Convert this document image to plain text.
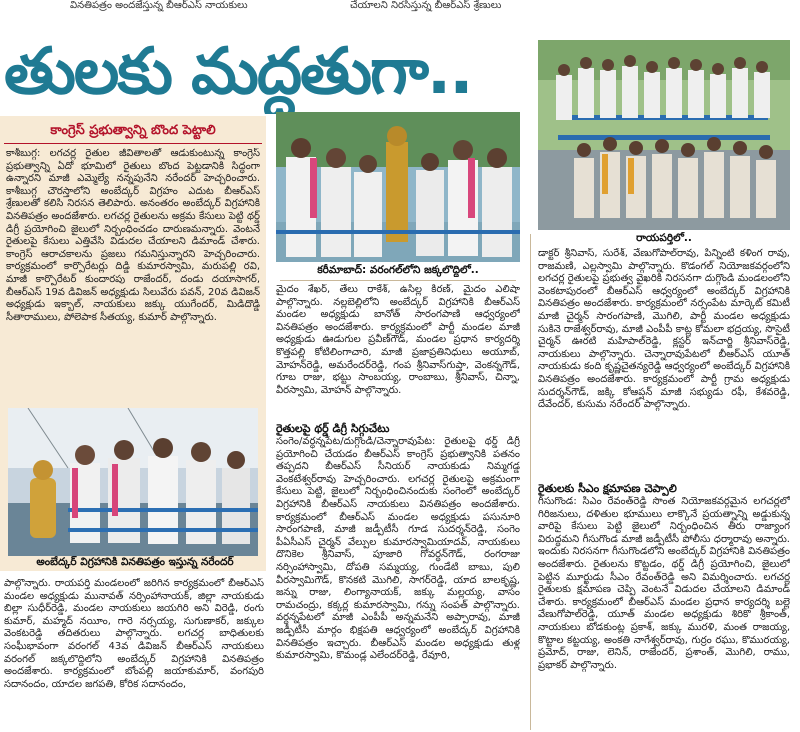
వినతిపత్రం అందజేస్తున్న బీఆర్ఎస్ నాయకులు	చేయాలని నిరసిస్తున్న బీఆర్ఎస్ శ్రేణులు
తులకు మద్దతుగా..
కాంగ్రెస్ ప్రభుత్వాన్ని బొంద పెట్టాలి
కాశీబుగ్గ: లగచర్ల రైతుల జీవితాలతో ఆడుకుంటున్న కాంగ్రెస్ ప్రభుత్వాన్ని ఏదో భూమిలో రైతులు బొంద పెట్టడానికి సిద్ధంగా ఉన్నారని మాజీ ఎమ్మెల్యే నన్నపునేని నరేందర్ హెచ్చరించారు. కాశీబుగ్గ చౌరస్తాలోని అంబేద్కర్ విగ్రహం ఎదుట బీఆర్ఎస్ శ్రేణులతో కలిసి నిరసన తెలిపారు. అనంతరం అంబేద్కర్ విగ్రహానికి వినతిపత్రం అందజేశారు. లగచర్ల రైతులను అక్రమ కేసులు పెట్టి థర్డ్ డిగ్రీ ప్రయోగించి జైలులో నిర్బంధించడం దారుణమన్నారు. వెంటనే రైతులపై కేసులు ఎత్తివేసి విడుదల చేయాలని డిమాండ్ చేశారు. కాంగ్రెస్ ఆరాచకాలను ప్రజలు గమనిస్తున్నారని హెచ్చరించారు. కార్యక్రమంలో కార్పొరేటర్లు దిడ్డి కుమారస్వామి, మరుపల్లి రవి, మాజీ కార్పొరేటర్ కుందారపు రాజేందర్, దండు దయాసాగర్, బీఆర్ఎస్ 19వ డివిజన్ అధ్యక్షుడు సిలువేరు పవన్, 20వ డివిజన్ అధ్యక్షుడు ఇక్బాల్, నాయకులు జక్కు యుగేందర్, మిడిదొడ్డి సీతారాములు, పోలెపాక సీతయ్య, కుమార్ పాల్గొన్నారు.
అంబేద్కర్ విగ్రహానికి వినతిపత్రం ఇస్తున్న నరేందర్
పాల్గొన్నారు. రాయపర్తి మండలంలో జరిగిన కార్యక్రమంలో బీఆర్ఎస్ మండల అధ్యక్షుడు మునావత్ నర్సింహానాయక్, జిల్లా నాయకుడు బిల్లా సుధీర్‌రెడ్డి, మండల నాయకులు జయగిరి అని విరెడ్డి, రంగు కుమార్, మహ్మద్ నయీం, గారె నర్సయ్య, సుగుణాకర్, జక్కుల వెంకటరెడ్డి తదితరులు పాల్గొన్నారు. లగచర్ల బాధితులకు సంఘీభావంగా వరంగల్ 43వ డివిజన్ బీఆర్ఎస్ నాయకులు వరంగల్ జక్కలొద్దిలోని అంబేద్కర్ విగ్రహానికి వినతిపత్రం అందజేశారు. కార్యక్రమంలో బోంపల్లి జయాకుమార్, వంగపురి సదానందం, యాదల జగపతి, కోరిక సదానందం,
కరీమాబాద్: వరంగల్‌లోని జక్కలొద్దిలో..
మైదం శేఖర్, తేలు రాకేశ్, ఉసిల్ల కిరణ్, మైదం ఎలిషా పాల్గొన్నారు. నల్లబెల్లిలోని అంబేద్కర్ విగ్రహానికి బీఆర్ఎస్ మండల అధ్యక్షుడు బానోత్ సారంగపాణి ఆధ్వర్యంలో వినతిపత్రం అందజేశారు. కార్యక్రమంలో పార్టీ మండల మాజీ అధ్యక్షుడు ఊడుగుల ప్రవీణ్‌గౌడ్, మండల ప్రధాన కార్యదర్శి కొత్తపల్లి కోటిలింగాచారి, మాజీ ప్రజాప్రతినిధులు అయూబ్, మోహన్‌రెడ్డి, అమరేందర్‌రెడ్డి, గంప శ్రీనివాస్‌గుప్తా, వెంకన్నగౌడ్, గూబ రాజు, భట్టు సాంబయ్య, రాంబాబు, శ్రీనివాస్, చిన్నా, వీరస్వామి, మోహన్ పాల్గొన్నారు.
రైతులపై థర్డ్ డిగ్రీ సిగ్గుచేటు
సంగెం/వర్ధన్నపేట/దుగ్గొండి/చెన్నారావుపేట: రైతులపై థర్డ్ డిగ్రీ ప్రయోగించి చేయడం బీఆర్ఎస్ కాంగ్రెస్ ప్రభుత్వానికి పతనం తప్పదని బీఆర్ఎస్ సీనియర్ నాయకుడు నిమ్మగడ్డ వెంకటేశ్వర్‌రావు హెచ్చరించారు. లగచర్ల రైతులపై అక్రమంగా కేసులు పెట్టి, జైలులో నిర్బంధించినందుకు సంగెంలో అంబేద్కర్ విగ్రహానికి బీఆర్ఎస్ నాయకులు వినతిపత్రం అందజేశారు. కార్యక్రమంలో బీఆర్ఎస్ మండల అధ్యక్షుడు పసునూరి సారంగపాణి, మాజీ జడ్పీటీసీ గూడ సుదర్శన్‌రెడ్డి, సంగెం పీఏసీఎస్ చైర్మన్ వేల్పుల కుమారస్వామియాదవ్, నాయకులు దొనికెల శ్రీనివాస్, పూజారి గోవర్ధన్‌గౌడ్, రంగరాజు నర్సింహాస్వామి, దోపతి సమ్మయ్య, గుండేటి బాబు, పులి వీరస్వామిగౌడ్, కొనకటి మొగిలి, సాగర్‌రెడ్డి, యాద బాలకృష్ణ, జన్ను రాజు, లింగ్యానాయక్, జక్కు మల్లయ్య, వాసం రామచంద్రు, కక్కర్ల కుమారస్వామి, గన్ను సంపత్ పాల్గొన్నారు. వర్ధన్నపేటలో మాజీ ఎంపీపీ అన్నమనేని అప్పారావు, మాజీ జడ్పీటీసీ మార్గం భిక్షపతి ఆధ్వర్యంలో అంబేద్కర్ విగ్రహానికి వినతిపత్రం ఇచ్చారు. బీఆర్ఎస్ మండల అధ్యక్షుడు తుళ్ల కుమారస్వామి, కొమండ్ల ఎలేందర్‌రెడ్డి, రేవూరి,
రాయపర్తిలో..
డాక్టర్ శ్రీనివాస్, సురేశ్, వేణుగోపాల్‌రావు, పిన్నింటి కళింగ రావు, రాజమణి, ఎల్లస్వామి పాల్గొన్నారు. కొడంగల్ నియోజకవర్గంలోని లగచర్ల రైతులపై ప్రభుత్వ వైఖరికి నిరసనగా దుగ్గొండి మండలంలోని వెంకటాపురంలో బీఆర్ఎస్ ఆధ్వర్యంలో అంబేద్కర్ విగ్రహానికి వినతిపత్రం అందజేశారు. కార్యక్రమంలో నర్సంపేట మార్కెట్ కమిటీ మాజీ చైర్మన్ సారంగపాణి, మొగిలి, పార్టీ మండల అధ్యక్షుడు సుకినె రాజేశ్వర్‌రావు, మాజీ ఎంపీపీ కాట్ల కోమలా భద్రయ్య, సొసైటీ చైర్మన్ ఊరటి మహిపాల్‌రెడ్డి, క్లస్టర్ ఇన్‌చార్జి శ్రీనివాస్‌రెడ్డి, నాయకులు పాల్గొన్నారు. చెన్నారావుపేటలో బీఆర్ఎస్ యూత్ నాయకుడు కంది కృష్ణచైతన్యరెడ్డి ఆధ్వర్యంలో అంబేద్కర్ విగ్రహానికి వినతిపత్రం అందజేశారు. కార్యక్రమంలో పార్టీ గ్రామ అధ్యక్షుడు సుదర్శన్‌గౌడ్, జక్కి కోఆప్షన్ మాజీ సభ్యుడు రఫీ, కేశవరెడ్డి, దేవేందర్, కుసుమ నరేందర్ పాల్గొన్నారు.
రైతులకు సీఎం క్షమాపణ చెప్పాలి
గీసుగొండ: సీఎం రేవంత్‌రెడ్డి సొంత నియోజకవర్గమైన లగచర్లలో గిరిజనులు, దళితుల భూములు లాక్కొనే ప్రయత్నాన్ని అడ్డుకున్న వారిపై కేసులు పెట్టి జైలులో నిర్బంధించిన తీరు రాజ్యాంగ విరుద్ధమని గీసుగొండ మాజీ జడ్పీటీసీ పోలీసు ధర్మారావు అన్నారు. ఇందుకు నిరసనగా గీసుగొండలోని అంబేద్కర్ విగ్రహానికి వినతిపత్రం అందజేశారు. రైతులను కొట్టడం, థర్డ్ డిగ్రీ ప్రయోగించి, జైలులో పెట్టిన మూర్ఖుడు సీఎం రేవంత్‌రెడ్డి అని విమర్శించారు. లగచర్ల రైతులకు క్షమాపణ చెప్పి వెంటనే విడుదల చేయాలని డిమాండ్ చేశారు. కార్యక్రమంలో బీఆర్ఎస్ మండల ప్రధాన కార్యదర్శి బల్లె వేణుగోపాల్‌రెడ్డి, యూత్ మండల అధ్యక్షుడు శిరికొ శ్రీకాంత్, నాయకులు బోడకుంట్ల ప్రకాశ్, జక్కు మురళి, మంత రాజయ్య, కొట్టాల కట్టయ్య, అంకతి నాగేశ్వర్‌రావు, గుర్రం రఘు, కొమురయ్య, ప్రమోద్, రాజు, లెనిన్, రాజేందర్, ప్రశాంత్, మొగిలి, రాము, ప్రభాకర్ పాల్గొన్నారు.
